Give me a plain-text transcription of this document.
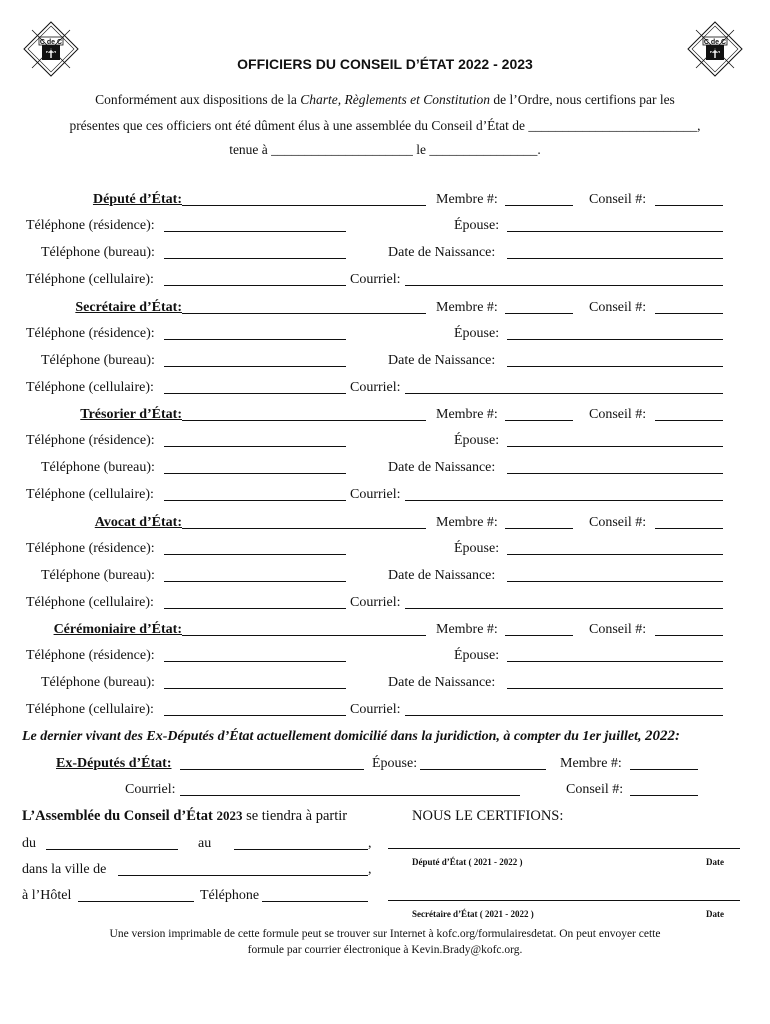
C de C	C de C
OFFICIERS DU CONSEIL D’ÉTAT 2022 - 2023
Conformément aux dispositions de la Charte, Règlements et Constitution de l’Ordre, nous certifions par les
présentes que ces officiers ont été dûment élus à une assemblée du Conseil d’État de _________________________,
tenue à _____________________ le ________________.
Député d’État:	Membre #:	Conseil #:
Téléphone (résidence):	Épouse:
Téléphone (bureau):	Date de Naissance:
Téléphone (cellulaire):	Courriel:
Secrétaire d’État:	Membre #:	Conseil #:
Téléphone (résidence):	Épouse:
Téléphone (bureau):	Date de Naissance:
Téléphone (cellulaire):	Courriel:
Trésorier d’État:	Membre #:	Conseil #:
Téléphone (résidence):	Épouse:
Téléphone (bureau):	Date de Naissance:
Téléphone (cellulaire):	Courriel:
Avocat d’État:	Membre #:	Conseil #:
Téléphone (résidence):	Épouse:
Téléphone (bureau):	Date de Naissance:
Téléphone (cellulaire):	Courriel:
Cérémoniaire d’État:	Membre #:	Conseil #:
Téléphone (résidence):	Épouse:
Téléphone (bureau):	Date de Naissance:
Téléphone (cellulaire):	Courriel:
Le dernier vivant des Ex-Députés d’État actuellement domicilié dans la juridiction, à compter du 1er juillet, 2022:
Ex-Députés d’État:	Épouse:	Membre #:
Courriel:	Conseil #:
L’Assemblée du Conseil d’État 2023 se tiendra à partir	NOUS LE CERTIFIONS:
du	au	,
dans la ville de	,
à l’Hôtel	Téléphone
Député d’État ( 2021 - 2022 )	Date
Secrétaire d’État ( 2021 - 2022 )	Date
Une version imprimable de cette formule peut se trouver sur Internet à kofc.org/formulairesdetat. On peut envoyer cette
formule par courrier électronique à Kevin.Brady@kofc.org.
